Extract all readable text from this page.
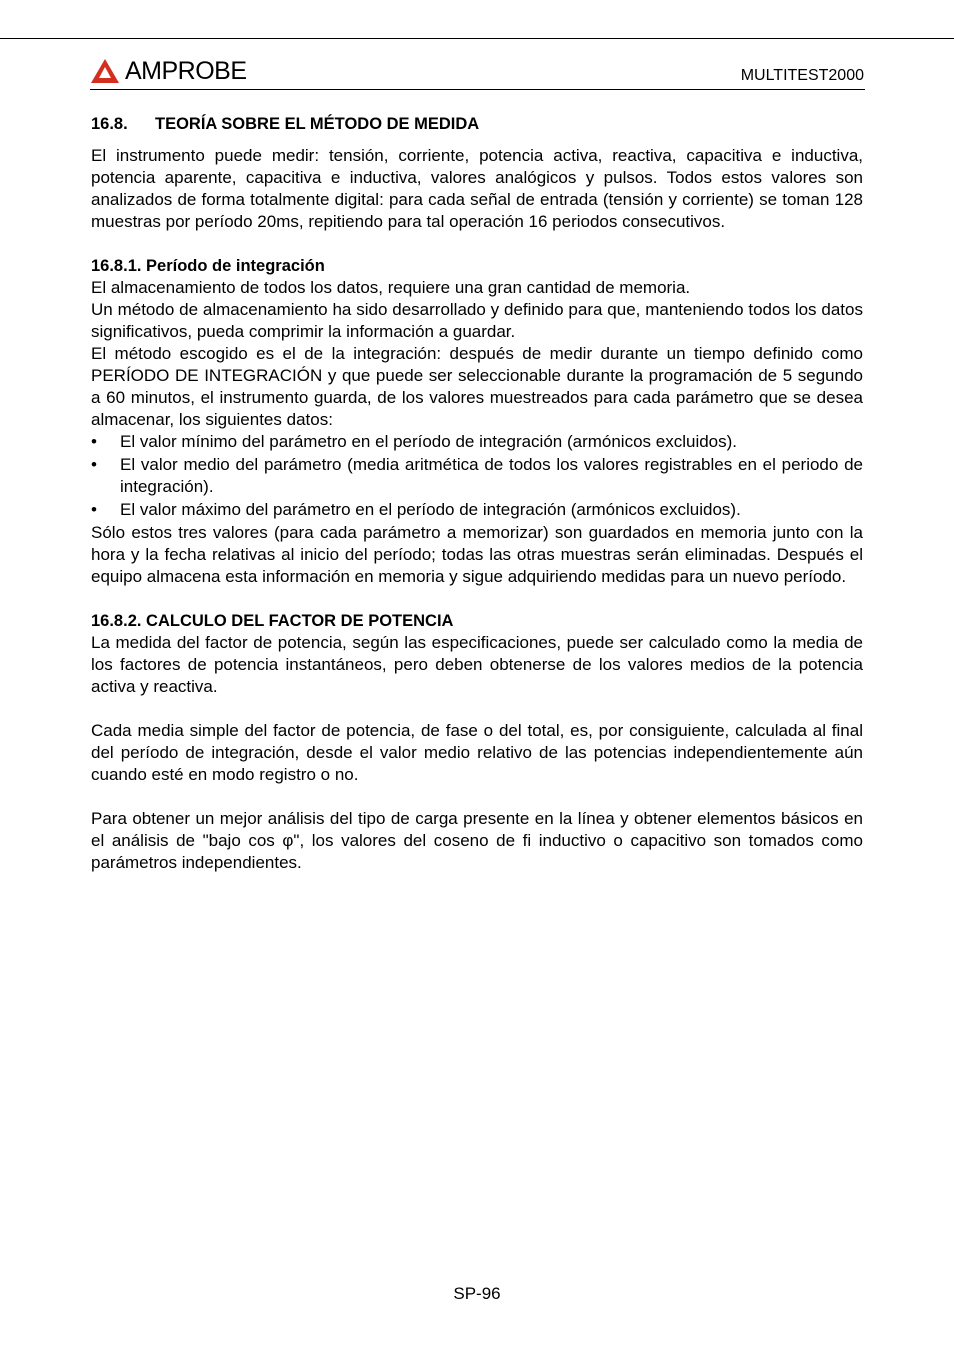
AMPROBE	MULTITEST2000
16.8. TEORÍA SOBRE EL MÉTODO DE MEDIDA

El instrumento puede medir: tensión, corriente, potencia activa, reactiva, capacitiva e inductiva, potencia aparente, capacitiva e inductiva, valores analógicos y pulsos. Todos estos valores son analizados de forma totalmente digital: para cada señal de entrada (tensión y corriente) se toman 128 muestras por período 20ms, repitiendo para tal operación 16 periodos consecutivos.

16.8.1. Período de integración

El almacenamiento de todos los datos, requiere una gran cantidad de memoria.

Un método de almacenamiento ha sido desarrollado y definido para que, manteniendo todos los datos significativos, pueda comprimir la información a guardar.

El método escogido es el de la integración: después de medir durante un tiempo definido como PERÍODO DE INTEGRACIÓN y que puede ser seleccionable durante la programación de 5 segundo a 60 minutos, el instrumento guarda, de los valores muestreados para cada parámetro que se desea almacenar, los siguientes datos:

• El valor mínimo del parámetro en el período de integración (armónicos excluidos).
• El valor medio del parámetro (media aritmética de todos los valores registrables en el periodo de integración).
• El valor máximo del parámetro en el período de integración (armónicos excluidos).

Sólo estos tres valores (para cada parámetro a memorizar) son guardados en memoria junto con la hora y la fecha relativas al inicio del período; todas las otras muestras serán eliminadas. Después el equipo almacena esta información en memoria y sigue adquiriendo medidas para un nuevo período.

16.8.2. CALCULO DEL FACTOR DE POTENCIA

La medida del factor de potencia, según las especificaciones, puede ser calculado como la media de los factores de potencia instantáneos, pero deben obtenerse de los valores medios de la potencia activa y reactiva.

Cada media simple del factor de potencia, de fase o del total, es, por consiguiente, calculada al final del período de integración, desde el valor medio relativo de las potencias independientemente aún cuando esté en modo registro o no.

Para obtener un mejor análisis del tipo de carga presente en la línea y obtener elementos básicos en el análisis de "bajo cos φ", los valores del coseno de fi inductivo o capacitivo son tomados como parámetros independientes.

SP-96
